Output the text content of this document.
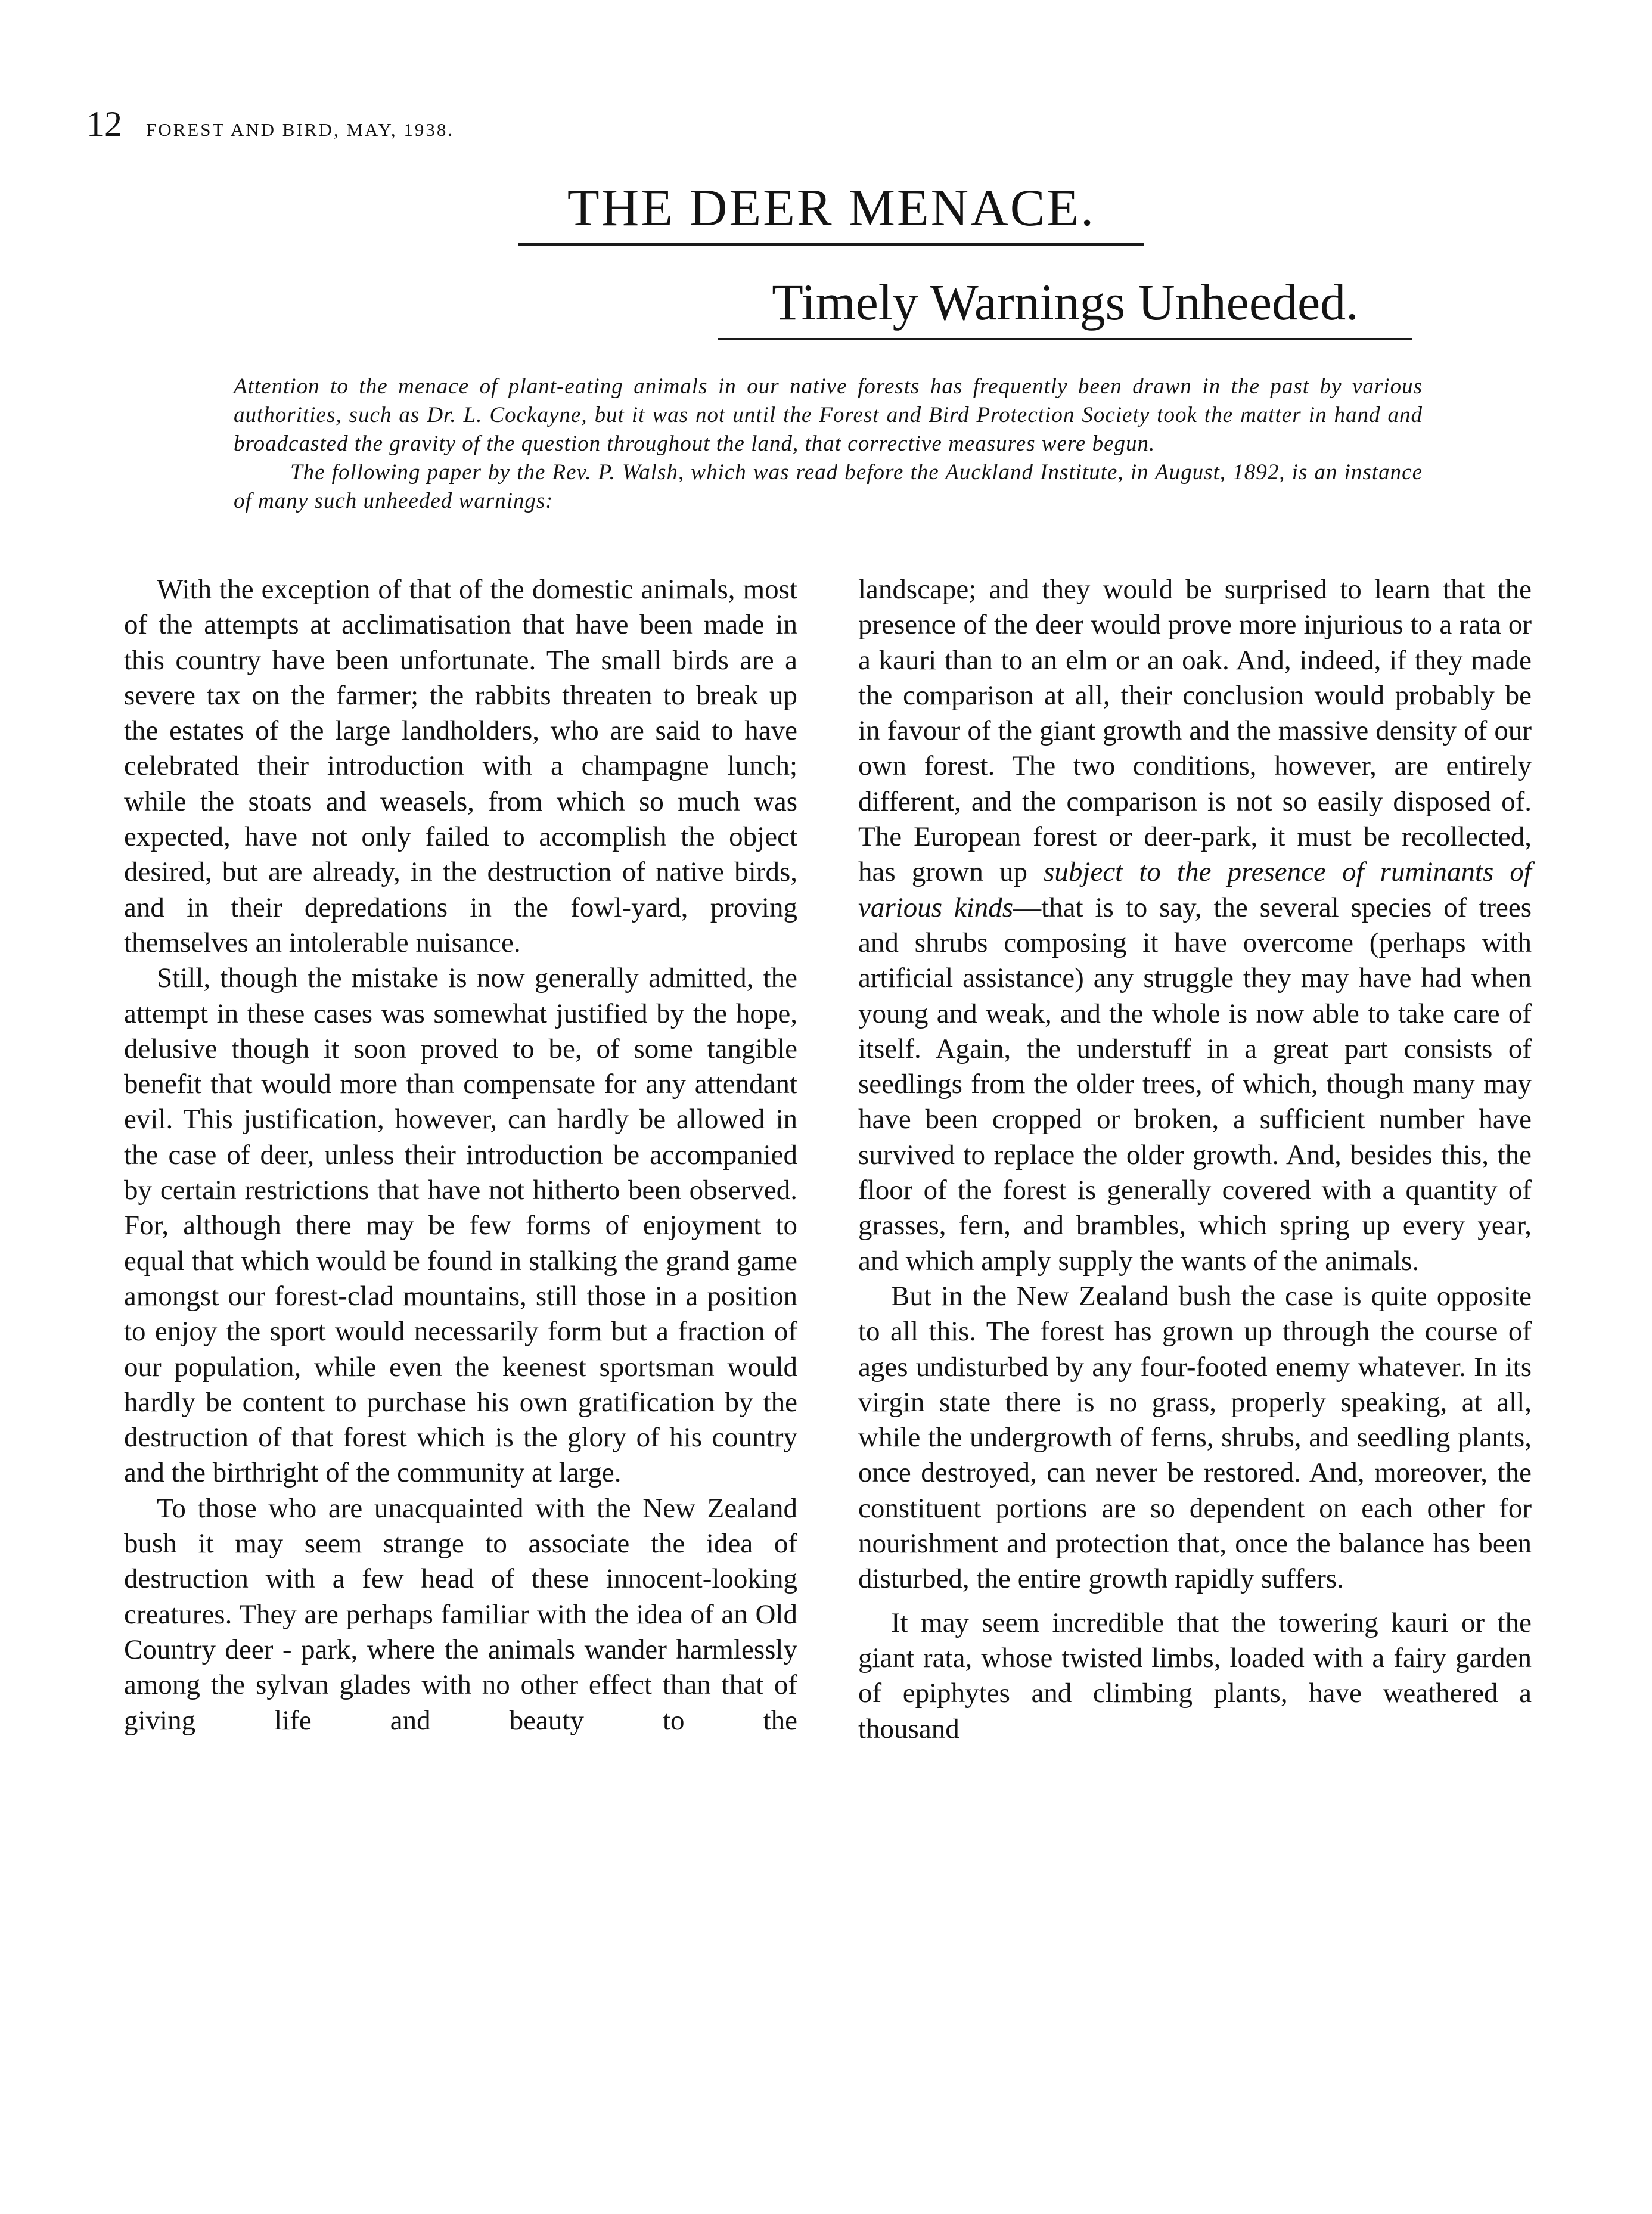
12 FOREST AND BIRD, MAY, 1938.
THE DEER MENACE.
Timely Warnings Unheeded.

Attention to the menace of plant-eating animals in our native forests has frequently been drawn in the past by various authorities, such as Dr. L. Cockayne, but it was not until the Forest and Bird Protection Society took the matter in hand and broadcasted the gravity of the question throughout the land, that corrective measures were begun.

The following paper by the Rev. P. Walsh, which was read before the Auckland Institute, in August, 1892, is an instance of many such unheeded warnings:

With the exception of that of the domestic animals, most of the attempts at acclimatisation that have been made in this country have been unfortunate. The small birds are a severe tax on the farmer; the rabbits threaten to break up the estates of the large landholders, who are said to have celebrated their introduction with a champagne lunch; while the stoats and weasels, from which so much was expected, have not only failed to accomplish the object desired, but are already, in the destruction of native birds, and in their depredations in the fowl-yard, proving themselves an intolerable nuisance.

Still, though the mistake is now generally admitted, the attempt in these cases was somewhat justified by the hope, delusive though it soon proved to be, of some tangible benefit that would more than compensate for any attendant evil. This justification, however, can hardly be allowed in the case of deer, unless their introduction be accompanied by certain restrictions that have not hitherto been observed. For, although there may be few forms of enjoyment to equal that which would be found in stalking the grand game amongst our forest-clad mountains, still those in a position to enjoy the sport would necessarily form but a fraction of our population, while even the keenest sportsman would hardly be content to purchase his own gratification by the destruction of that forest which is the glory of his country and the birthright of the community at large.

To those who are unacquainted with the New Zealand bush it may seem strange to associate the idea of destruction with a few head of these innocent-looking creatures. They are perhaps familiar with the idea of an Old Country deer - park, where the animals wander harmlessly among the sylvan glades with no other effect than that of giving life and beauty to the

landscape; and they would be surprised to learn that the presence of the deer would prove more injurious to a rata or a kauri than to an elm or an oak. And, indeed, if they made the comparison at all, their conclusion would probably be in favour of the giant growth and the massive density of our own forest. The two conditions, however, are entirely different, and the comparison is not so easily disposed of. The European forest or deer-park, it must be recollected, has grown up subject to the presence of ruminants of various kinds—that is to say, the several species of trees and shrubs composing it have overcome (perhaps with artificial assistance) any struggle they may have had when young and weak, and the whole is now able to take care of itself. Again, the understuff in a great part consists of seedlings from the older trees, of which, though many may have been cropped or broken, a sufficient number have survived to replace the older growth. And, besides this, the floor of the forest is generally covered with a quantity of grasses, fern, and brambles, which spring up every year, and which amply supply the wants of the animals.

But in the New Zealand bush the case is quite opposite to all this. The forest has grown up through the course of ages undisturbed by any four-footed enemy whatever. In its virgin state there is no grass, properly speaking, at all, while the undergrowth of ferns, shrubs, and seedling plants, once destroyed, can never be restored. And, moreover, the constituent portions are so dependent on each other for nourishment and protection that, once the balance has been disturbed, the entire growth rapidly suffers.

It may seem incredible that the towering kauri or the giant rata, whose twisted limbs, loaded with a fairy garden of epiphytes and climbing plants, have weathered a thousand
